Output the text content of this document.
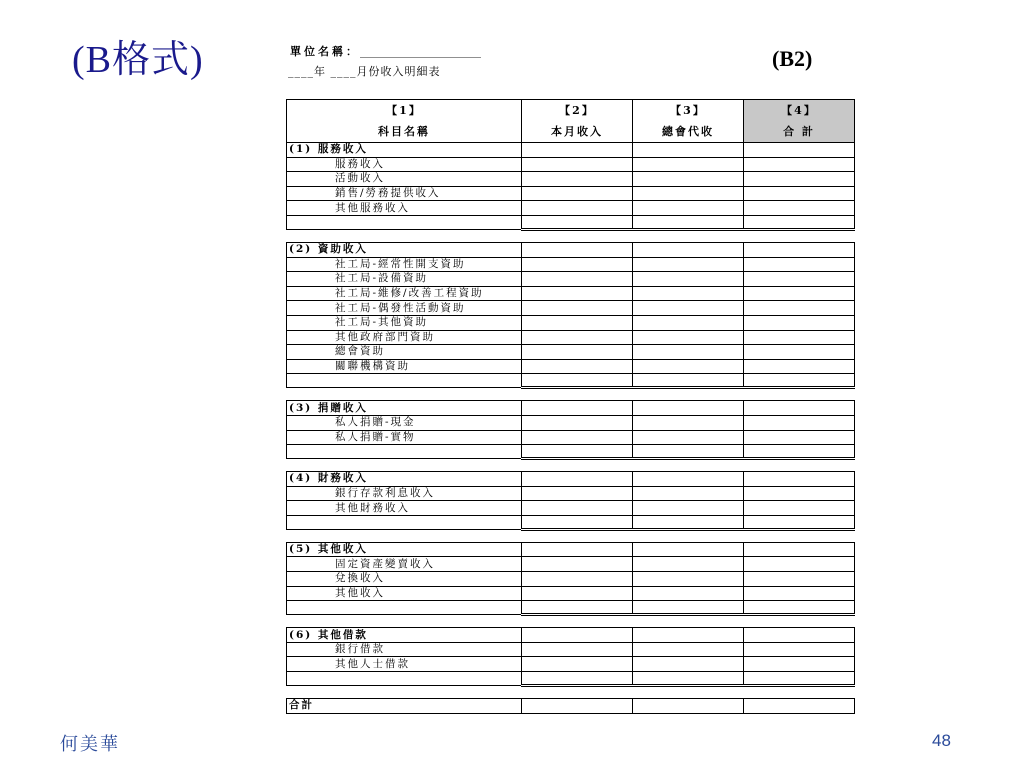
(B格式)	(B2)
單位名稱：______________________
____年 ____月份收入明細表
【1】	【2】	【3】	【4】
科目名稱	本月收入	總會代收	合 計
(1) 服務收入			
服務收入			
活動收入			
銷售/勞務提供收入			
其他服務收入			

(2) 資助收入			
社工局-經常性開支資助			
社工局-設備資助			
社工局-維修/改善工程資助			
社工局-偶發性活動資助			
社工局-其他資助			
其他政府部門資助			
總會資助			
關聯機構資助			

(3) 捐贈收入			
私人捐贈-現金			
私人捐贈-實物			

(4) 財務收入			
銀行存款利息收入			
其他財務收入			

(5) 其他收入			
固定資產變賣收入			
兌換收入			
其他收入			

(6) 其他借款			
銀行借款			
其他人士借款			

合計			
何美華	48
